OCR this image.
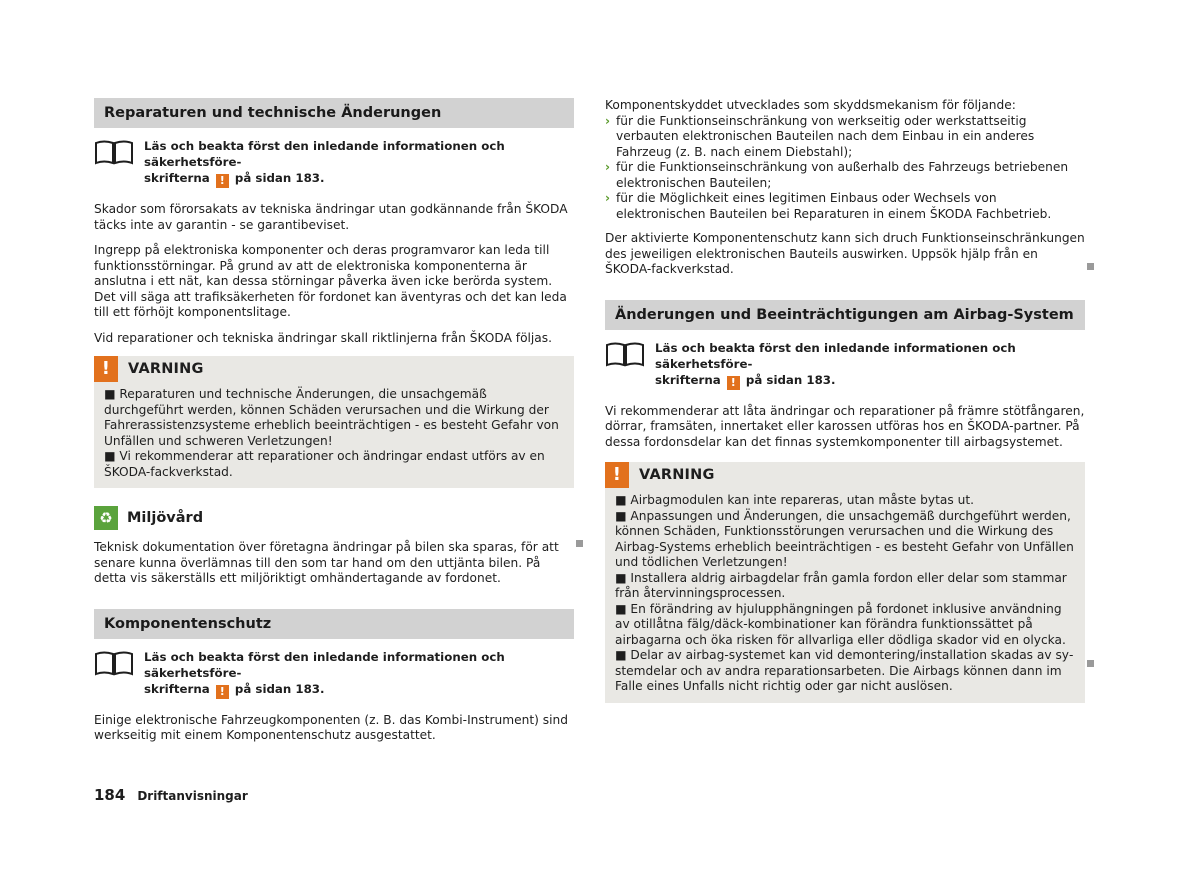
Reparaturen und technische Änderungen
Läs och beakta först den inledande informationen och säkerhetsföre-
skrifterna ! på sidan 183.

Skador som förorsakats av tekniska ändringar utan godkännande från ŠKODA täcks inte av garantin - se garantibeviset.

Ingrepp på elektroniska komponenter och deras programvaror kan leda till funktionsstörningar. På grund av att de elektroniska komponenterna är anslutna i ett nät, kan dessa störningar påverka även icke berörda system. Det vill säga att trafiksäkerheten för fordonet kan äventyras och det kan leda till ett förhöjt komponentslitage.

Vid reparationer och tekniska ändringar skall riktlinjerna från ŠKODA följas.

!	VARNING
■ Reparaturen und technische Änderungen, die unsachgemäß durchgeführt werden, können Schäden verursachen und die Wirkung der Fahrerassistenzsysteme erheblich beeinträchtigen - es besteht Gefahr von Unfällen und schweren Verletzungen!
■ Vi rekommenderar att reparationer och ändringar endast utförs av en ŠKODA-fackverkstad.
♻ Miljövård

Teknisk dokumentation över företagna ändringar på bilen ska sparas, för att senare kunna överlämnas till den som tar hand om den uttjänta bilen. På detta vis säkerställs ett miljöriktigt omhändertagande av fordonet.

Komponentenschutz
Läs och beakta först den inledande informationen och säkerhetsföre-
skrifterna ! på sidan 183.

Einige elektronische Fahrzeugkomponenten (z. B. das Kombi-Instrument) sind werkseitig mit einem Komponentenschutz ausgestattet.

Komponentskyddet utvecklades som skyddsmekanism för följande:

› für die Funktionseinschränkung von werkseitig oder werkstattseitig verbauten elektronischen Bauteilen nach dem Einbau in ein anderes Fahrzeug (z. B. nach einem Diebstahl);
› für die Funktionseinschränkung von außerhalb des Fahrzeugs betriebenen elektronischen Bauteilen;
› für die Möglichkeit eines legitimen Einbaus oder Wechsels von elektronischen Bauteilen bei Reparaturen in einem ŠKODA Fachbetrieb.

Der aktivierte Komponentenschutz kann sich druch Funktionseinschränkungen des jeweiligen elektronischen Bauteils auswirken. Uppsök hjälp från en ŠKODA-fackverkstad.

Änderungen und Beeinträchtigungen am Airbag-System
Läs och beakta först den inledande informationen och säkerhetsföre-
skrifterna ! på sidan 183.

Vi rekommenderar att låta ändringar och reparationer på främre stötfångaren, dörrar, framsäten, innertaket eller karossen utföras hos en ŠKODA-partner. På dessa fordonsdelar kan det finnas systemkomponenter till airbagsystemet.

!	VARNING
■ Airbagmodulen kan inte repareras, utan måste bytas ut.
■ Anpassungen und Änderungen, die unsachgemäß durchgeführt werden, können Schäden, Funktionsstörungen verursachen und die Wirkung des Airbag-Systems erheblich beeinträchtigen - es besteht Gefahr von Unfällen und tödlichen Verletzungen!
■ Installera aldrig airbagdelar från gamla fordon eller delar som stammar från återvinningsprocessen.
■ En förändring av hjulupphängningen på fordonet inklusive användning av otillåtna fälg/däck-kombinationer kan förändra funktionssättet på airbagarna och öka risken för allvarliga eller dödliga skador vid en olycka.
■ Delar av airbag-systemet kan vid demontering/installation skadas av systemdelar och av andra reparationsarbeten. Die Airbags können dann im Falle eines Unfalls nicht richtig oder gar nicht auslösen.
184 Driftanvisningar
